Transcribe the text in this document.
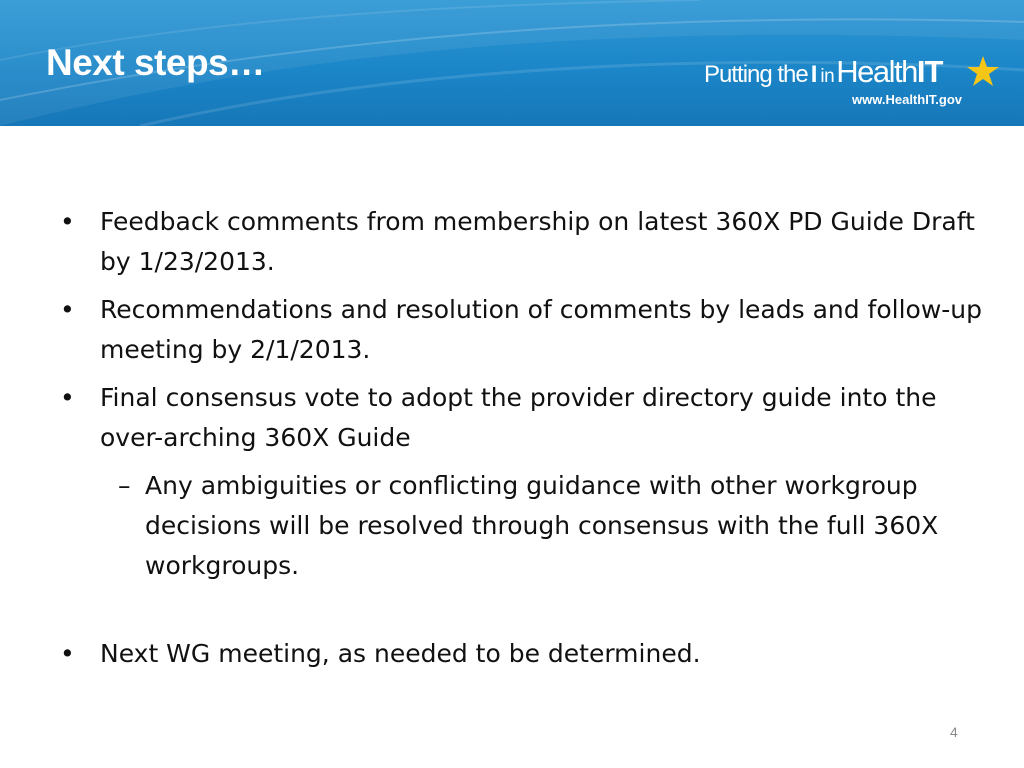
Next steps…	Putting the I inHealthIT
www.HealthIT.gov
• Feedback comments from membership on latest 360X PD Guide Draft by 1/23/2013.
• Recommendations and resolution of comments by leads and follow-up meeting by 2/1/2013.
• Final consensus vote to adopt the provider directory guide into the over-arching 360X Guide
– Any ambiguities or conflicting guidance with other workgroup decisions will be resolved through consensus with the full 360X workgroups.
• Next WG meeting, as needed to be determined.
4
